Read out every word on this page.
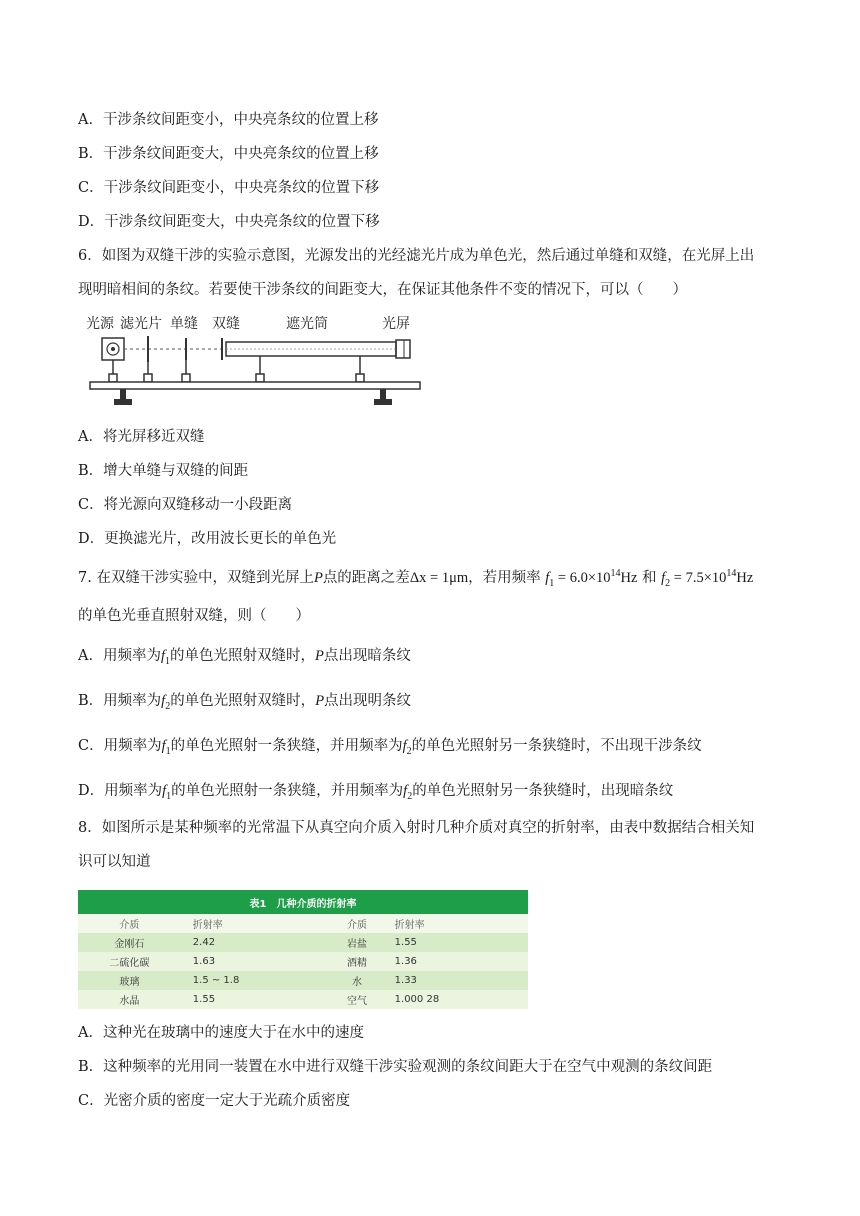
A．干涉条纹间距变小，中央亮条纹的位置上移
B．干涉条纹间距变大，中央亮条纹的位置上移
C．干涉条纹间距变小，中央亮条纹的位置下移
D．干涉条纹间距变大，中央亮条纹的位置下移
6．如图为双缝干涉的实验示意图，光源发出的光经滤光片成为单色光，然后通过单缝和双缝，在光屏上出
现明暗相间的条纹。若要使干涉条纹的间距变大，在保证其他条件不变的情况下，可以（　　）
光源 滤光片 单缝 双缝	遮光筒	光屏
A．将光屏移近双缝
B．增大单缝与双缝的间距
C．将光源向双缝移动一小段距离
D．更换滤光片，改用波长更长的单色光
7. 在双缝干涉实验中，双缝到光屏上P点的距离之差Δx = 1μm，若用频率 $f_1 = 6.0\times 10^{14}Hz$ 和 $f_2 = 7.5\times 10^{14}Hz$
的单色光垂直照射双缝，则（　　）
A．用频率为$f_1$的单色光照射双缝时，P点出现暗条纹
B．用频率为$f_2$的单色光照射双缝时，P点出现明条纹
C．用频率为$f_1$的单色光照射一条狭缝，并用频率为$f_2$的单色光照射另一条狭缝时，不出现干涉条纹
D．用频率为$f_1$的单色光照射一条狭缝，并用频率为$f_2$的单色光照射另一条狭缝时，出现暗条纹
8．如图所示是某种频率的光常温下从真空向介质入射时几种介质对真空的折射率，由表中数据结合相关知
识可以知道
表1　几种介质的折射率			
介质	折射率	介质	折射率
金刚石	2.42	岩盐	1.55
二硫化碳	1.63	酒精	1.36
玻璃	1.5 ~ 1.8	水	1.33
水晶	1.55	空气	1.000 28
A．这种光在玻璃中的速度大于在水中的速度
B．这种频率的光用同一装置在水中进行双缝干涉实验观测的条纹间距大于在空气中观测的条纹间距
C．光密介质的密度一定大于光疏介质密度
